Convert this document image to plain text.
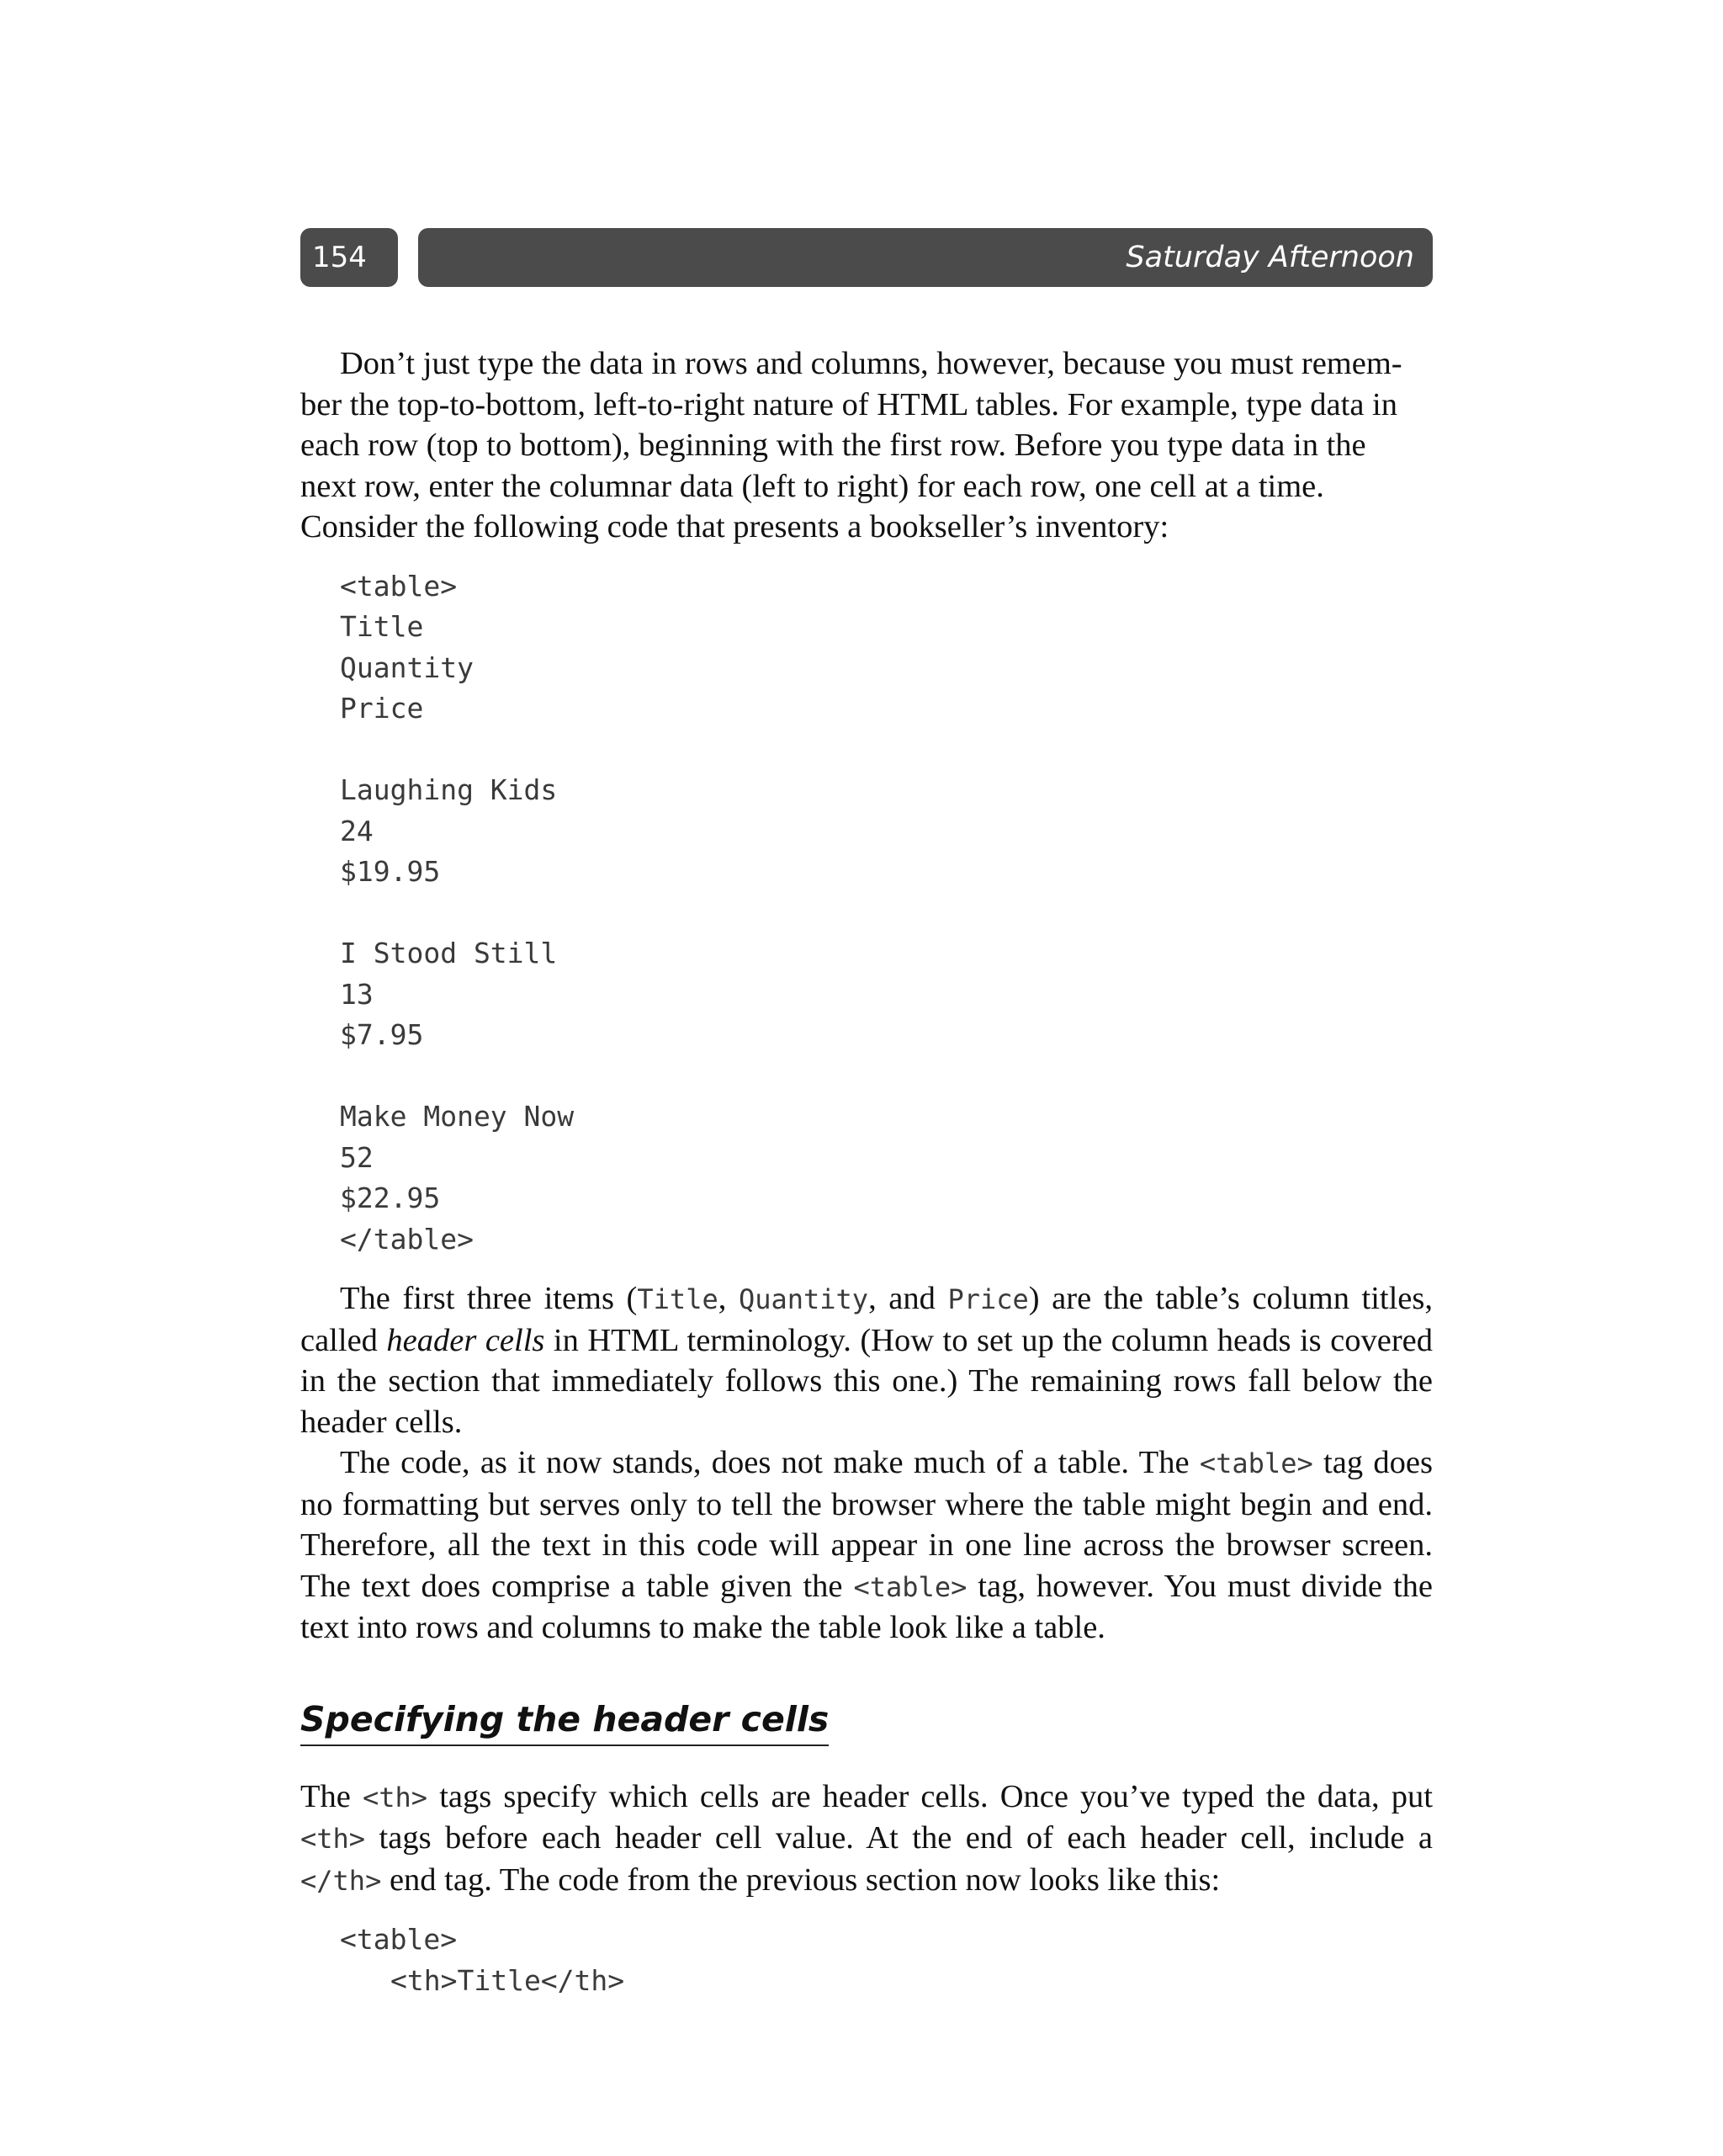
154	Saturday Afternoon

Don’t just type the data in rows and columns, however, because you must remem-
ber the top-to-bottom, left-to-right nature of HTML tables. For example, type data in
each row (top to bottom), beginning with the first row. Before you type data in the
next row, enter the columnar data (left to right) for each row, one cell at a time.
Consider the following code that presents a bookseller’s inventory:

<table>
Title
Quantity
Price
Laughing Kids
24
$19.95
I Stood Still
13
$7.95
Make Money Now
52
$22.95
</table>

The first three items (Title, Quantity, and Price) are the table’s column titles, called header cells in HTML terminology. (How to set up the column heads is covered in the section that immediately follows this one.) The remaining rows fall below the header cells.

The code, as it now stands, does not make much of a table. The <table> tag does no formatting but serves only to tell the browser where the table might begin and end. Therefore, all the text in this code will appear in one line across the browser screen. The text does comprise a table given the <table> tag, however. You must divide the text into rows and columns to make the table look like a table.

Specifying the header cells

The <th> tags specify which cells are header cells. Once you’ve typed the data, put <th> tags before each header cell value. At the end of each header cell, include a </th> end tag. The code from the previous section now looks like this:

<table>
<th>Title</th>
